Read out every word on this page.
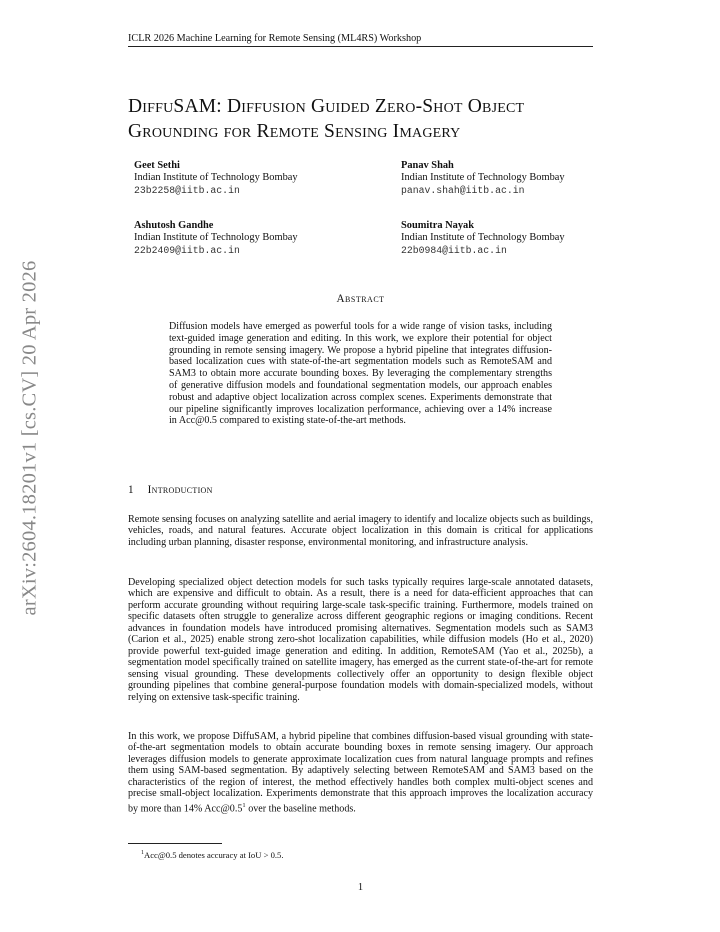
ICLR 2026 Machine Learning for Remote Sensing (ML4RS) Workshop
arXiv:2604.18201v1 [cs.CV] 20 Apr 2026
DiffuSAM: Diffusion Guided Zero-Shot Object
Grounding for Remote Sensing Imagery
Geet Sethi
Indian Institute of Technology Bombay
23b2258@iitb.ac.in
Panav Shah
Indian Institute of Technology Bombay
panav.shah@iitb.ac.in
Ashutosh Gandhe
Indian Institute of Technology Bombay
22b2409@iitb.ac.in
Soumitra Nayak
Indian Institute of Technology Bombay
22b0984@iitb.ac.in
Abstract
Diffusion models have emerged as powerful tools for a wide range of vision tasks, including text-guided image generation and editing. In this work, we explore their potential for object grounding in remote sensing imagery. We propose a hybrid pipeline that integrates diffusion-based localization cues with state-of-the-art segmentation models such as RemoteSAM and SAM3 to obtain more accurate bounding boxes. By leveraging the complementary strengths of generative diffusion models and foundational segmentation models, our approach enables robust and adaptive object localization across complex scenes. Experiments demonstrate that our pipeline significantly improves localization performance, achieving over a 14% increase in Acc@0.5 compared to existing state-of-the-art methods.
1 Introduction
Remote sensing focuses on analyzing satellite and aerial imagery to identify and localize objects such as buildings, vehicles, roads, and natural features. Accurate object localization in this domain is critical for applications including urban planning, disaster response, environmental monitoring, and infrastructure analysis.
Developing specialized object detection models for such tasks typically requires large-scale annotated datasets, which are expensive and difficult to obtain. As a result, there is a need for data-efficient approaches that can perform accurate grounding without requiring large-scale task-specific training. Furthermore, models trained on specific datasets often struggle to generalize across different geographic regions or imaging conditions. Recent advances in foundation models have introduced promising alternatives. Segmentation models such as SAM3 (Carion et al., 2025) enable strong zero-shot localization capabilities, while diffusion models (Ho et al., 2020) provide powerful text-guided image generation and editing. In addition, RemoteSAM (Yao et al., 2025b), a segmentation model specifically trained on satellite imagery, has emerged as the current state-of-the-art for remote sensing visual grounding. These developments collectively offer an opportunity to design flexible object grounding pipelines that combine general-purpose foundation models with domain-specialized models, without relying on extensive task-specific training.
In this work, we propose DiffuSAM, a hybrid pipeline that combines diffusion-based visual grounding with state-of-the-art segmentation models to obtain accurate bounding boxes in remote sensing imagery. Our approach leverages diffusion models to generate approximate localization cues from natural language prompts and refines them using SAM-based segmentation. By adaptively selecting between RemoteSAM and SAM3 based on the characteristics of the region of interest, the method effectively handles both complex multi-object scenes and precise small-object localization. Experiments demonstrate that this approach improves the localization accuracy by more than 14% $Acc@0.5^1$ over the baseline methods.
$^1$Acc@0.5 denotes accuracy at IoU > 0.5.
1
